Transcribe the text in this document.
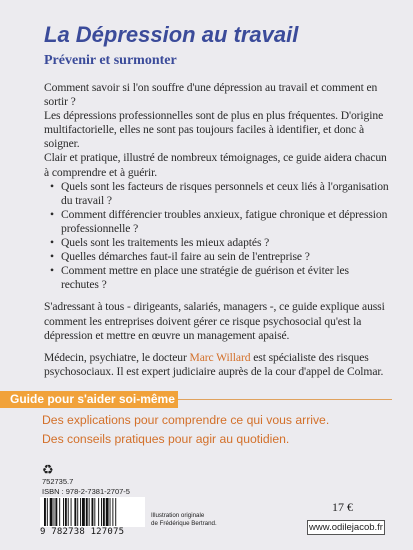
La Dépression au travail
Prévenir et surmonter

Comment savoir si l'on souffre d'une dépression au travail et comment en sortir ?

Les dépressions professionnelles sont de plus en plus fréquentes. D'origine multifactorielle, elles ne sont pas toujours faciles à identifier, et donc à soigner.

Clair et pratique, illustré de nombreux témoignages, ce guide aidera chacun à comprendre et à guérir.

• Quels sont les facteurs de risques personnels et ceux liés à l'organisation du travail ?
• Comment différencier troubles anxieux, fatigue chronique et dépression professionnelle ?
• Quels sont les traitements les mieux adaptés ?
• Quelles démarches faut-il faire au sein de l'entreprise ?
• Comment mettre en place une stratégie de guérison et éviter les rechutes ?

S'adressant à tous - dirigeants, salariés, managers -, ce guide explique aussi comment les entreprises doivent gérer ce risque psychosocial qu'est la dépression et mettre en œuvre un management apaisé.

Médecin, psychiatre, le docteur Marc Willard est spécialiste des risques psychosociaux. Il est expert judiciaire auprès de la cour d'appel de Colmar.

Guide pour s'aider soi-même
Des explications pour comprendre ce qui vous arrive.
Des conseils pratiques pour agir au quotidien.
♻
752735.7
ISBN : 978-2-7381-2707-5
9 782738 127075
Illustration originale
de Frédérique Bertrand.
17 €
www.odilejacob.fr
